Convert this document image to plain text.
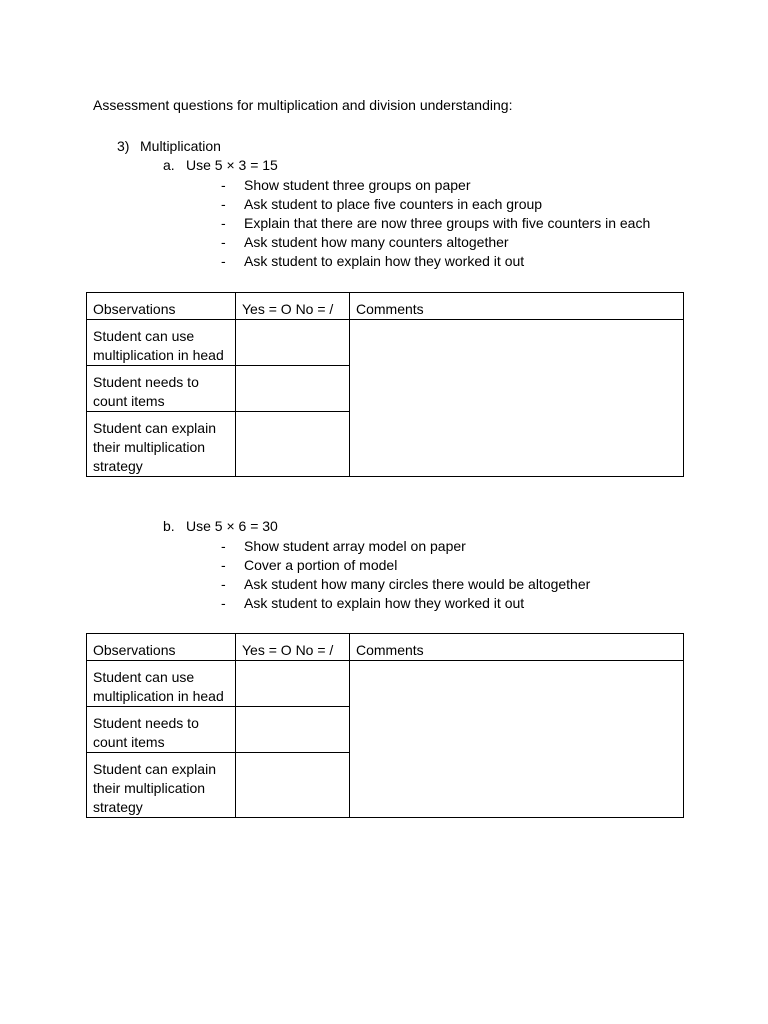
Assessment questions for multiplication and division understanding:
3) Multiplication
a. Use 5 × 3 = 15
- Show student three groups on paper
- Ask student to place five counters in each group
- Explain that there are now three groups with five counters in each
- Ask student how many counters altogether
- Ask student to explain how they worked it out
Observations	Yes = O No = /	Comments
Student can use multiplication in head		
Student needs to count items		
Student can explain their multiplication strategy		
b. Use 5 × 6 = 30
- Show student array model on paper
- Cover a portion of model
- Ask student how many circles there would be altogether
- Ask student to explain how they worked it out
Observations	Yes = O No = /	Comments
Student can use multiplication in head		
Student needs to count items		
Student can explain their multiplication strategy		
